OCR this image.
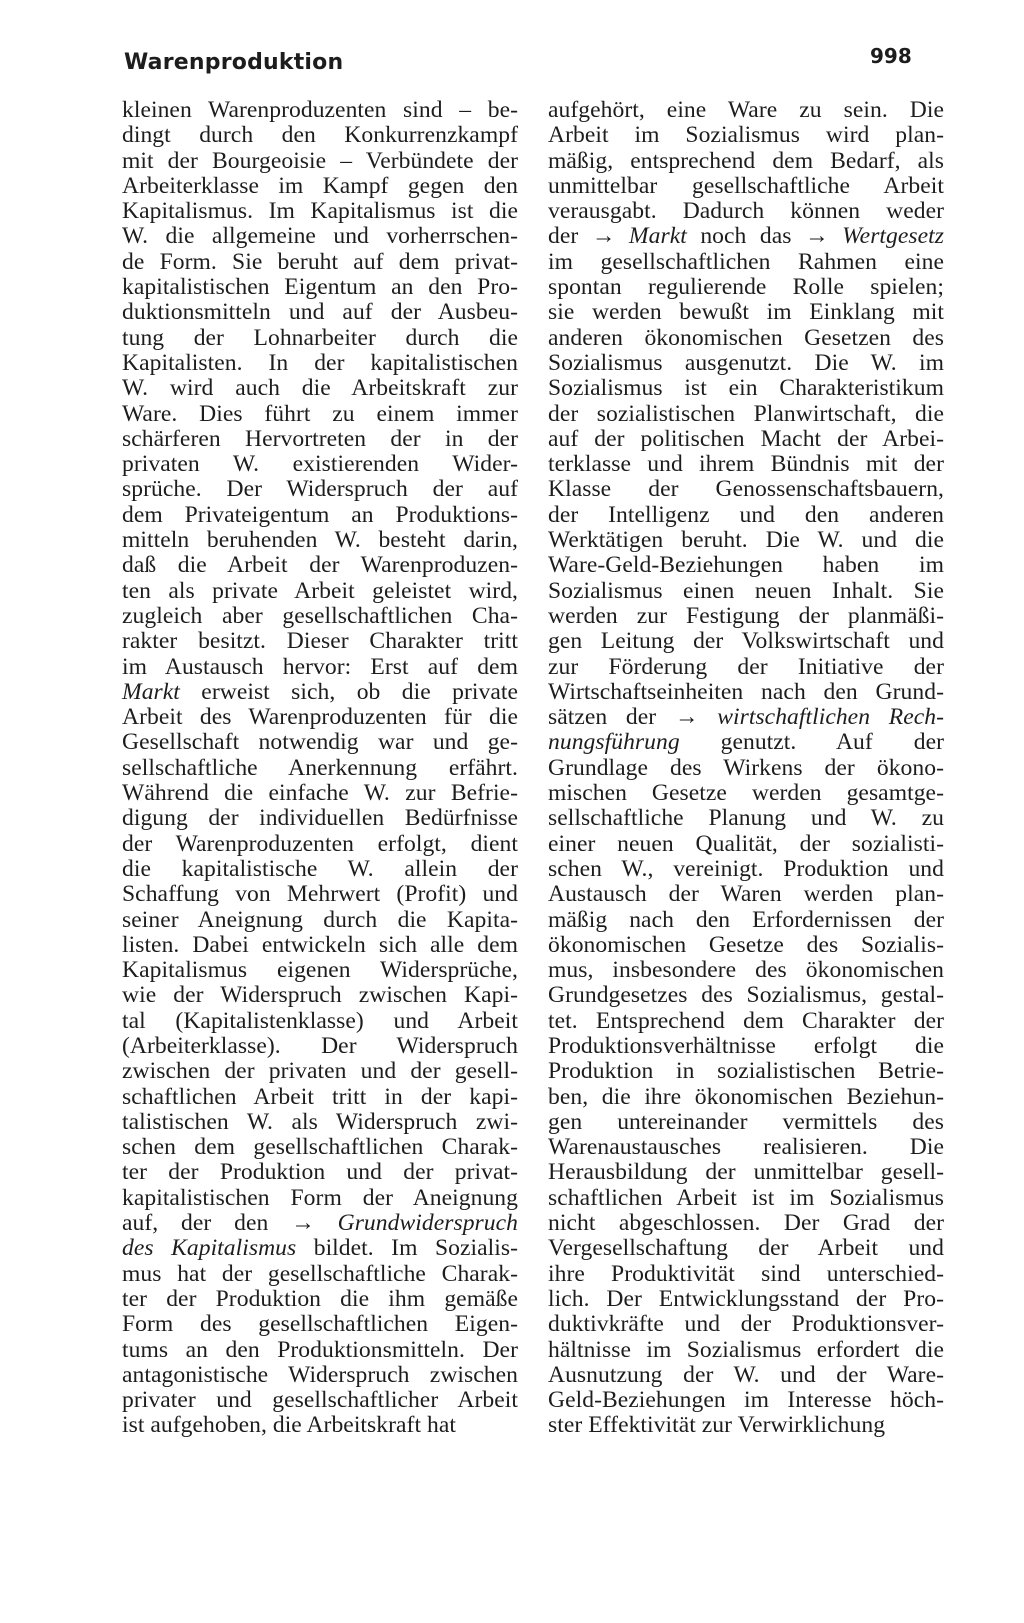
Warenproduktion	998
kleinen Warenproduzenten sind – be-
dingt durch den Konkurrenzkampf
mit der Bourgeoisie – Verbündete der
Arbeiterklasse im Kampf gegen den
Kapitalismus. Im Kapitalismus ist die
W. die allgemeine und vorherrschen-
de Form. Sie beruht auf dem privat-
kapitalistischen Eigentum an den Pro-
duktionsmitteln und auf der Ausbeu-
tung der Lohnarbeiter durch die
Kapitalisten. In der kapitalistischen
W. wird auch die Arbeitskraft zur
Ware. Dies führt zu einem immer
schärferen Hervortreten der in der
privaten W. existierenden Wider-
sprüche. Der Widerspruch der auf
dem Privateigentum an Produktions-
mitteln beruhenden W. besteht darin,
daß die Arbeit der Warenproduzen-
ten als private Arbeit geleistet wird,
zugleich aber gesellschaftlichen Cha-
rakter besitzt. Dieser Charakter tritt
im Austausch hervor: Erst auf dem
Markt erweist sich, ob die private
Arbeit des Warenproduzenten für die
Gesellschaft notwendig war und ge-
sellschaftliche Anerkennung erfährt.
Während die einfache W. zur Befrie-
digung der individuellen Bedürfnisse
der Warenproduzenten erfolgt, dient
die kapitalistische W. allein der
Schaffung von Mehrwert (Profit) und
seiner Aneignung durch die Kapita-
listen. Dabei entwickeln sich alle dem
Kapitalismus eigenen Widersprüche,
wie der Widerspruch zwischen Kapi-
tal (Kapitalistenklasse) und Arbeit
(Arbeiterklasse). Der Widerspruch
zwischen der privaten und der gesell-
schaftlichen Arbeit tritt in der kapi-
talistischen W. als Widerspruch zwi-
schen dem gesellschaftlichen Charak-
ter der Produktion und der privat-
kapitalistischen Form der Aneignung
auf, der den → Grundwiderspruch
des Kapitalismus bildet. Im Sozialis-
mus hat der gesellschaftliche Charak-
ter der Produktion die ihm gemäße
Form des gesellschaftlichen Eigen-
tums an den Produktionsmitteln. Der
antagonistische Widerspruch zwischen
privater und gesellschaftlicher Arbeit
ist aufgehoben, die Arbeitskraft hat
aufgehört, eine Ware zu sein. Die
Arbeit im Sozialismus wird plan-
mäßig, entsprechend dem Bedarf, als
unmittelbar gesellschaftliche Arbeit
verausgabt. Dadurch können weder
der → Markt noch das → Wertgesetz
im gesellschaftlichen Rahmen eine
spontan regulierende Rolle spielen;
sie werden bewußt im Einklang mit
anderen ökonomischen Gesetzen des
Sozialismus ausgenutzt. Die W. im
Sozialismus ist ein Charakteristikum
der sozialistischen Planwirtschaft, die
auf der politischen Macht der Arbei-
terklasse und ihrem Bündnis mit der
Klasse der Genossenschaftsbauern,
der Intelligenz und den anderen
Werktätigen beruht. Die W. und die
Ware-Geld-Beziehungen haben im
Sozialismus einen neuen Inhalt. Sie
werden zur Festigung der planmäßi-
gen Leitung der Volkswirtschaft und
zur Förderung der Initiative der
Wirtschaftseinheiten nach den Grund-
sätzen der → wirtschaftlichen Rech-
nungsführung genutzt. Auf der
Grundlage des Wirkens der ökono-
mischen Gesetze werden gesamtge-
sellschaftliche Planung und W. zu
einer neuen Qualität, der sozialisti-
schen W., vereinigt. Produktion und
Austausch der Waren werden plan-
mäßig nach den Erfordernissen der
ökonomischen Gesetze des Sozialis-
mus, insbesondere des ökonomischen
Grundgesetzes des Sozialismus, gestal-
tet. Entsprechend dem Charakter der
Produktionsverhältnisse erfolgt die
Produktion in sozialistischen Betrie-
ben, die ihre ökonomischen Beziehun-
gen untereinander vermittels des
Warenaustausches realisieren. Die
Herausbildung der unmittelbar gesell-
schaftlichen Arbeit ist im Sozialismus
nicht abgeschlossen. Der Grad der
Vergesellschaftung der Arbeit und
ihre Produktivität sind unterschied-
lich. Der Entwicklungsstand der Pro-
duktivkräfte und der Produktionsver-
hältnisse im Sozialismus erfordert die
Ausnutzung der W. und der Ware-
Geld-Beziehungen im Interesse höch-
ster Effektivität zur Verwirklichung
